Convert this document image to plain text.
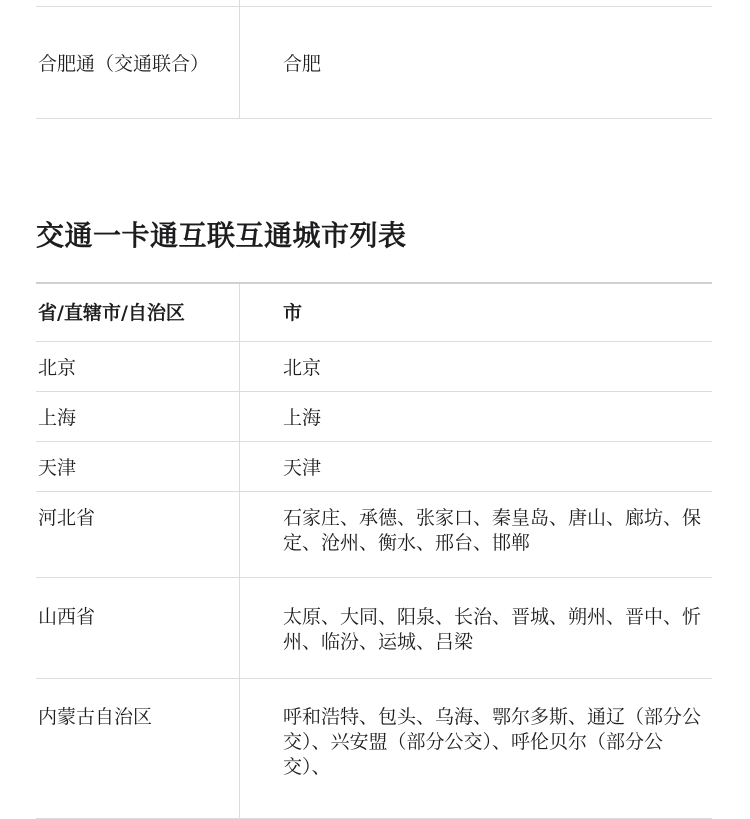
合肥通（交通联合）	合肥
交通一卡通互联互通城市列表
省/直辖市/自治区	市
北京	北京
上海	上海
天津	天津
河北省	石家庄、承德、张家口、秦皇岛、唐山、廊坊、保定、沧州、衡水、邢台、邯郸
山西省	太原、大同、阳泉、长治、晋城、朔州、晋中、忻州、临汾、运城、吕梁
内蒙古自治区	呼和浩特、包头、乌海、鄂尔多斯、通辽（部分公交）、兴安盟（部分公交）、呼伦贝尔（部分公交）、
